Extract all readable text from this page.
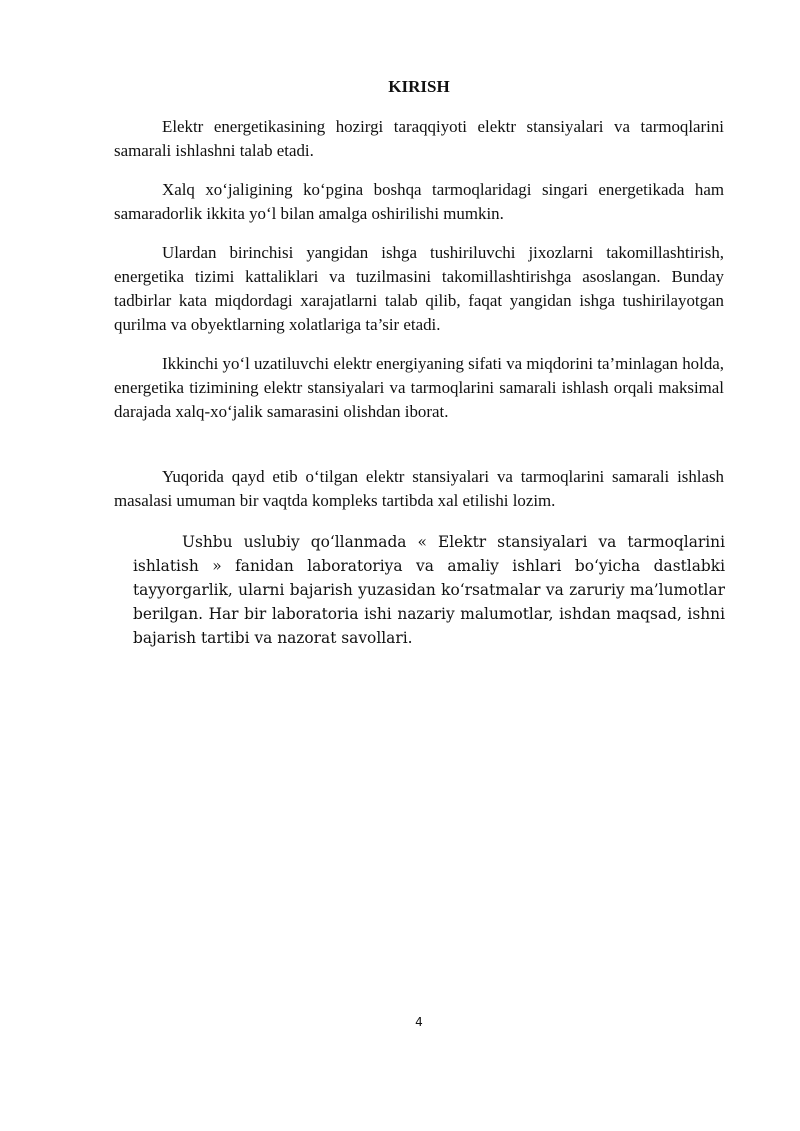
KIRISH

Elektr energetikasining hozirgi taraqqiyoti elektr stansiyalari va tarmoqlarini samarali ishlashni talab etadi.

Xalq xo‘jaligining ko‘pgina boshqa tarmoqlaridagi singari energetikada ham samaradorlik ikkita yo‘l bilan amalga oshirilishi mumkin.

Ulardan birinchisi yangidan ishga tushiriluvchi jixozlarni takomillashtirish, energetika tizimi kattaliklari va tuzilmasini takomillashtirishga asoslangan. Bunday tadbirlar kata miqdordagi xarajatlarni talab qilib, faqat yangidan ishga tushirilayotgan qurilma va obyektlarning xolatlariga ta’sir etadi.

Ikkinchi yo‘l uzatiluvchi elektr energiyaning sifati va miqdorini ta’minlagan holda, energetika tizimining elektr stansiyalari va tarmoqlarini samarali ishlash orqali maksimal darajada xalq-xo‘jalik samarasini olishdan iborat.

Yuqorida qayd etib o‘tilgan elektr stansiyalari va tarmoqlarini samarali ishlash masalasi umuman bir vaqtda kompleks tartibda xal etilishi lozim.

Ushbu uslubiy qo‘llanmada « Elektr stansiyalari va tarmoqlarini ishlatish » fanidan laboratoriya va amaliy ishlari bo‘yicha dastlabki tayyorgarlik, ularni bajarish yuzasidan ko‘rsatmalar va zaruriy ma’lumotlar berilgan. Har bir laboratoria ishi nazariy malumotlar, ishdan maqsad, ishni bajarish tartibi va nazorat savollari.

4
